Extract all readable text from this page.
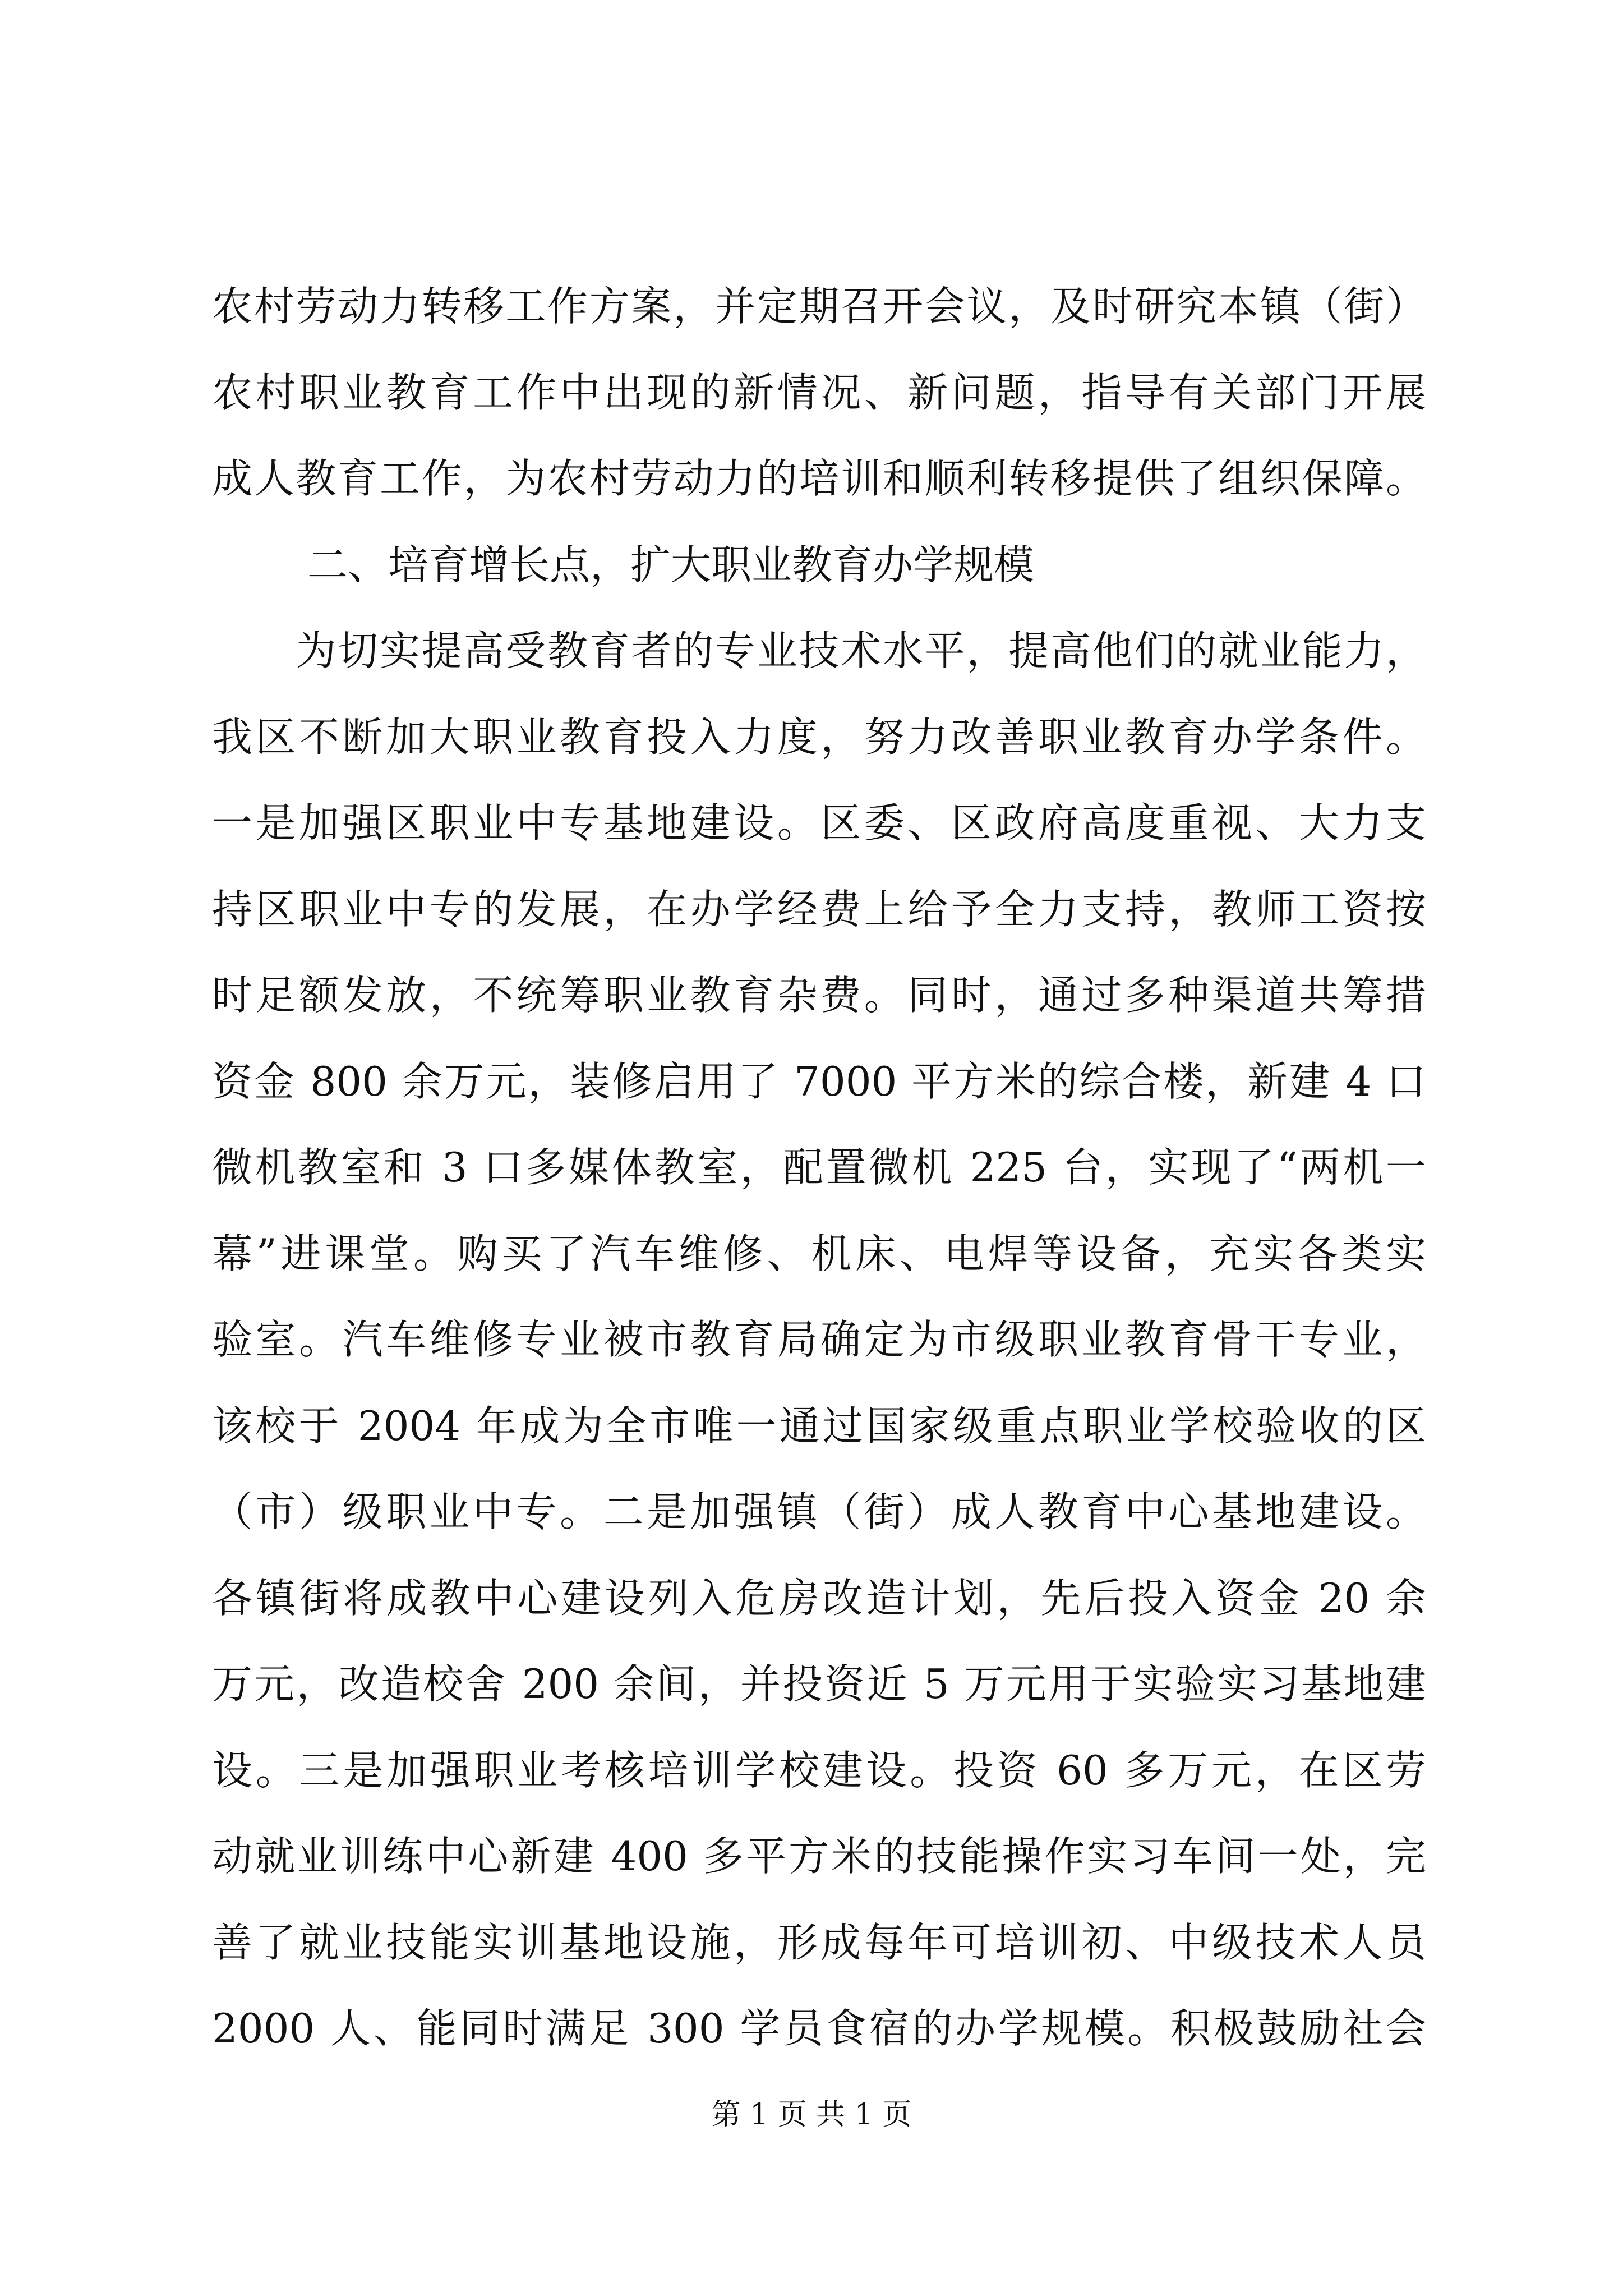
农村劳动力转移工作方案，并定期召开会议，及时研究本镇（街）
农村职业教育工作中出现的新情况、新问题，指导有关部门开展
成人教育工作，为农村劳动力的培训和顺利转移提供了组织保障。
二、培育增长点，扩大职业教育办学规模
　　为切实提高受教育者的专业技术水平，提高他们的就业能力，
我区不断加大职业教育投入力度，努力改善职业教育办学条件。
一是加强区职业中专基地建设。区委、区政府高度重视、大力支
持区职业中专的发展，在办学经费上给予全力支持，教师工资按
时足额发放，不统筹职业教育杂费。同时，通过多种渠道共筹措
资金 800 余万元，装修启用了 7000 平方米的综合楼，新建 4 口
微机教室和 3 口多媒体教室，配置微机 225 台，实现了“两机一
幕”进课堂。购买了汽车维修、机床、电焊等设备，充实各类实
验室。汽车维修专业被市教育局确定为市级职业教育骨干专业，
该校于 2004 年成为全市唯一通过国家级重点职业学校验收的区
（市）级职业中专。二是加强镇（街）成人教育中心基地建设。
各镇街将成教中心建设列入危房改造计划，先后投入资金 20 余
万元，改造校舍 200 余间，并投资近 5 万元用于实验实习基地建
设。三是加强职业考核培训学校建设。投资 60 多万元，在区劳
动就业训练中心新建 400 多平方米的技能操作实习车间一处，完
善了就业技能实训基地设施，形成每年可培训初、中级技术人员
2000 人、能同时满足 300 学员食宿的办学规模。积极鼓励社会
第 1 页 共 1 页
